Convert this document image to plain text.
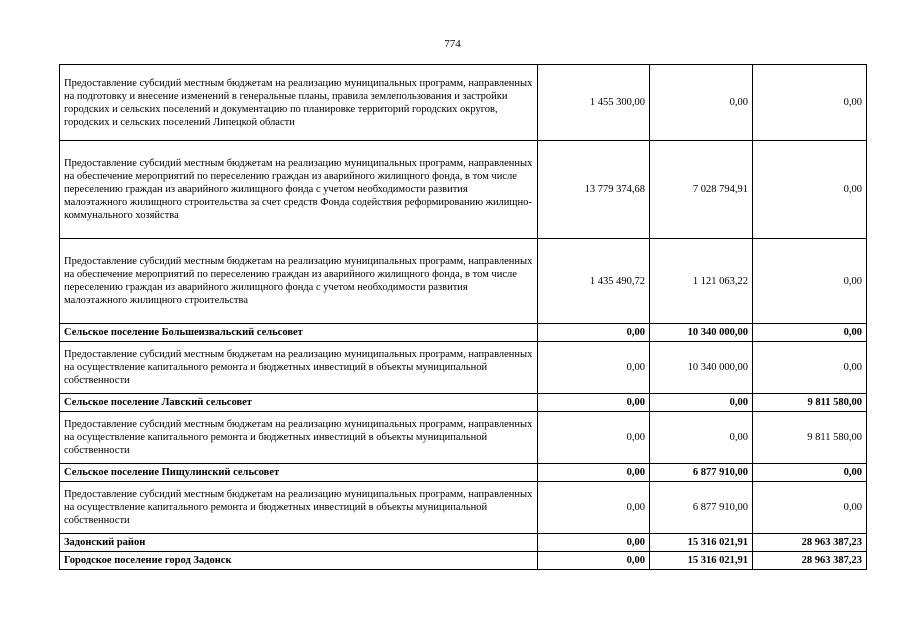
774
Предоставление субсидий местным бюджетам на реализацию муниципальных программ, направленных на подготовку и внесение изменений в генеральные планы, правила землепользования и застройки городских и сельских поселений и документацию по планировке территорий городских округов, городских и сельских поселений Липецкой области	1 455 300,00	0,00	0,00
Предоставление субсидий местным бюджетам на реализацию муниципальных программ, направленных на обеспечение мероприятий по переселению граждан из аварийного жилищного фонда, в том числе переселению граждан из аварийного жилищного фонда с учетом необходимости развития малоэтажного жилищного строительства за счет средств Фонда содействия реформированию жилищно-коммунального хозяйства	13 779 374,68	7 028 794,91	0,00
Предоставление субсидий местным бюджетам на реализацию муниципальных программ, направленных на обеспечение мероприятий по переселению граждан из аварийного жилищного фонда, в том числе переселению граждан из аварийного жилищного фонда с учетом необходимости развития малоэтажного жилищного строительства	1 435 490,72	1 121 063,22	0,00
Сельское поселение Большеизвальский сельсовет	0,00	10 340 000,00	0,00
Предоставление субсидий местным бюджетам на реализацию муниципальных программ, направленных на осуществление капитального ремонта и бюджетных инвестиций в объекты муниципальной собственности	0,00	10 340 000,00	0,00
Сельское поселение Лавский сельсовет	0,00	0,00	9 811 580,00
Предоставление субсидий местным бюджетам на реализацию муниципальных программ, направленных на осуществление капитального ремонта и бюджетных инвестиций в объекты муниципальной собственности	0,00	0,00	9 811 580,00
Сельское поселение Пищулинский сельсовет	0,00	6 877 910,00	0,00
Предоставление субсидий местным бюджетам на реализацию муниципальных программ, направленных на осуществление капитального ремонта и бюджетных инвестиций в объекты муниципальной собственности	0,00	6 877 910,00	0,00
Задонский район	0,00	15 316 021,91	28 963 387,23
Городское поселение город Задонск	0,00	15 316 021,91	28 963 387,23
